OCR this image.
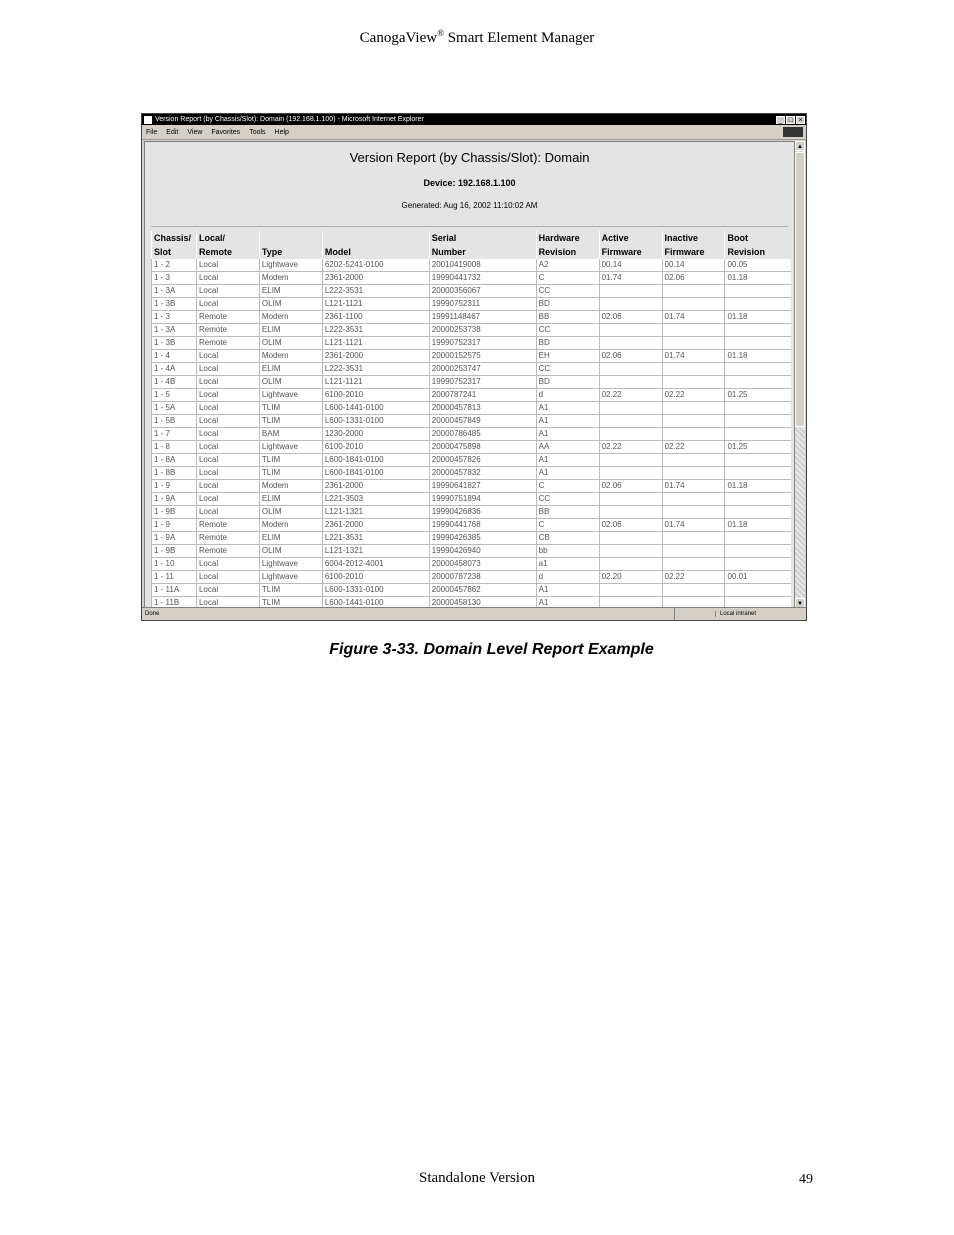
CanogaView® Smart Element Manager
Version Report (by Chassis/Slot): Domain (192.168.1.100) - Microsoft Internet Explorer	_ □ ×
File Edit View Favorites Tools Help
Version Report (by Chassis/Slot): Domain
Device: 192.168.1.100
Generated: Aug 16, 2002 11:10:02 AM
Chassis/	Local/			Serial	Hardware	Active	Inactive	Boot
Slot	Remote	Type	Model	Number	Revision	Firmware	Firmware	Revision
1 - 2	Local	Lightwave	6202-5241-0100	20010419008	A2	00.14	00.14	00.05
1 - 3	Local	Modem	2361-2000	19990441732	C	01.74	02.06	01.18
1 - 3A	Local	ELIM	L222-3531	20000356067	CC			
1 - 3B	Local	OLIM	L121-1121	19990752311	BD			
1 - 3	Remote	Modem	2361-1100	19991148467	BB	02.06	01.74	01.18
1 - 3A	Remote	ELIM	L222-3531	20000253738	CC			
1 - 3B	Remote	OLIM	L121-1121	19990752317	BD			
1 - 4	Local	Modem	2361-2000	20000152575	EH	02.06	01.74	01.18
1 - 4A	Local	ELIM	L222-3531	20000253747	CC			
1 - 4B	Local	OLIM	L121-1121	19990752317	BD			
1 - 5	Local	Lightwave	6100-2010	2000787241	d	02.22	02.22	01.25
1 - 5A	Local	TLIM	L600-1441-0100	20000457813	A1			
1 - 5B	Local	TLIM	L600-1331-0100	20000457849	A1			
1 - 7	Local	BAM	1230-2000	20000786485	A1			
1 - 8	Local	Lightwave	6100-2010	20000475898	AA	02.22	02.22	01.25
1 - 8A	Local	TLIM	L600-1841-0100	20000457826	A1			
1 - 8B	Local	TLIM	L600-1841-0100	20000457832	A1			
1 - 9	Local	Modem	2361-2000	19990641827	C	02.06	01.74	01.18
1 - 9A	Local	ELIM	L221-3503	19990751894	CC			
1 - 9B	Local	OLIM	L121-1321	19990426836	BB			
1 - 9	Remote	Modem	2361-2000	19990441768	C	02.06	01.74	01.18
1 - 9A	Remote	ELIM	L221-3531	19990426385	CB			
1 - 9B	Remote	OLIM	L121-1321	19990426940	bb			
1 - 10	Local	Lightwave	6004-2012-4001	20000458073	a1			
1 - 11	Local	Lightwave	6100-2010	20000787238	d	02.20	02.22	00.01
1 - 11A	Local	TLIM	L600-1331-0100	20000457862	A1			
1 - 11B	Local	TLIM	L600-1441-0100	20000458130	A1			
▲
▼
Done	Local intranet
Figure 3-33. Domain Level Report Example
Standalone Version	49
